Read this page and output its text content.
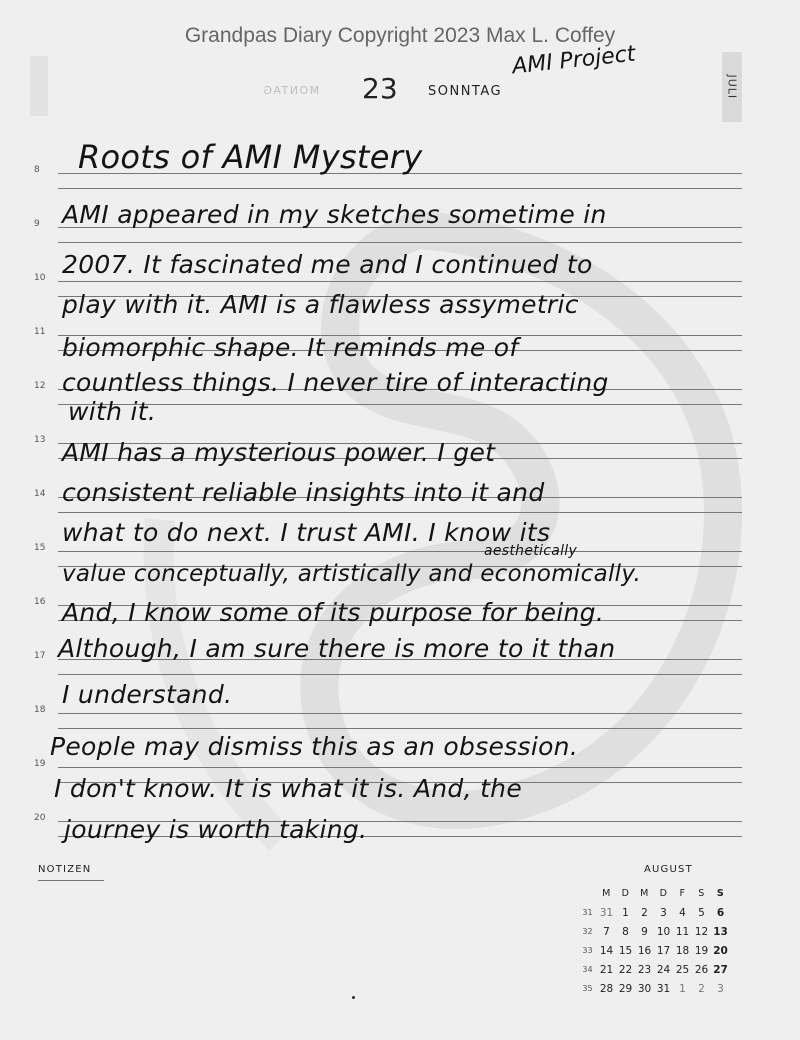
Grandpas Diary Copyright 2023 Max L. Coffey
MONTAG 23 SONNTAG	JULI
AMI Project
8
9
10
11
12
13
14
15
16
17
18
19
20
Roots of AMI Mystery
AMI appeared in my sketches sometime in
2007. It fascinated me and I continued to
play with it. AMI is a flawless assymetric
biomorphic shape. It reminds me of
countless things. I never tire of interacting
with it.
AMI has a mysterious power. I get
consistent reliable insights into it and
what to do next. I trust AMI. I know its
aesthetically
value conceptually, artistically and economically.
And, I know some of its purpose for being.
Although, I am sure there is more to it than
I understand.
People may dismiss this as an obsession.
I don't know. It is what it is. And, the
journey is worth taking.
NOTIZEN	AUGUST
	M	D	M	D	F	S	S
31	31	1	2	3	4	5	6
32	7	8	9	10	11	12	13
33	14	15	16	17	18	19	20
34	21	22	23	24	25	26	27
35	28	29	30	31	1	2	3
